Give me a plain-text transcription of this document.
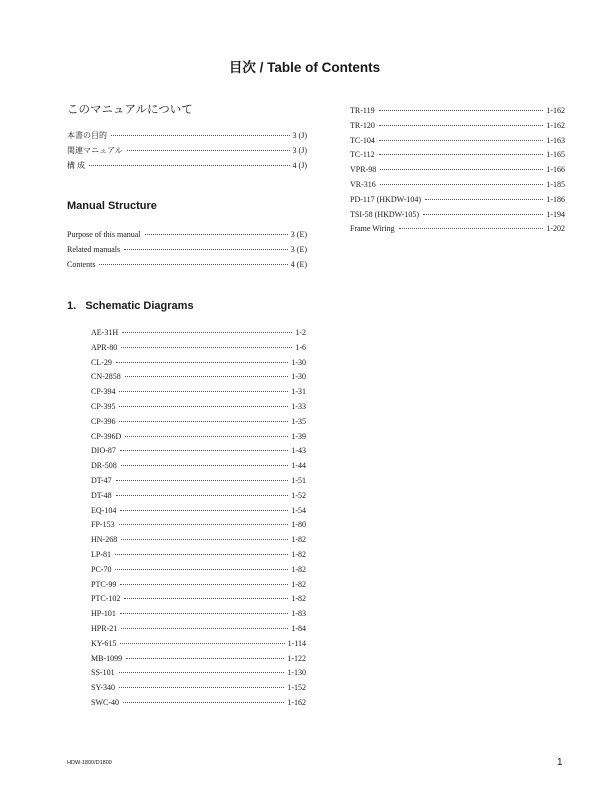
目次 / Table of Contents
このマニュアルについて
本書の目的	3 (J)
関連マニュアル	3 (J)
構 成	4 (J)
Manual Structure
Purpose of this manual	3 (E)
Related manuals	3 (E)
Contents	4 (E)
1.   Schematic Diagrams
AE-31H	1-2
APR-80	1-6
CL-29	1-30
CN-2858	1-30
CP-394	1-31
CP-395	1-33
CP-396	1-35
CP-396D	1-39
DIO-87	1-43
DR-508	1-44
DT-47	1-51
DT-48	1-52
EQ-104	1-54
FP-153	1-80
HN-268	1-82
LP-81	1-82
PC-70	1-82
PTC-99	1-82
PTC-102	1-82
HP-101	1-83
HPR-21	1-84
KY-615	1-114
MB-1099	1-122
SS-101	1-130
SY-340	1-152
SWC-40	1-162
TR-119	1-162
TR-120	1-162
TC-104	1-163
TC-112	1-165
VPR-98	1-166
VR-316	1-185
PD-117 (HKDW-104)	1-186
TSI-58 (HKDW-105)	1-194
Frame Wiring	1-202
HDW-1800/D1800	1
